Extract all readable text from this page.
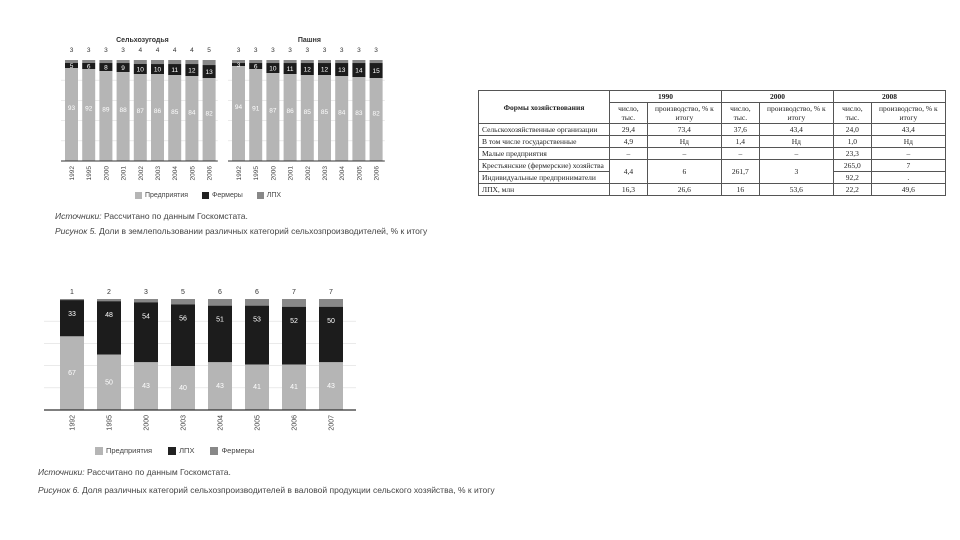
Сельхозугодья
3
5
93
1992
3
6
92
1995
3
8
89
2000
3
9
88
2001
4
10
87
2002
4
10
86
2003
4
11
85
2004
4
12
84
2005
5
13
82
2006
Пашня
3
3
94
1992
3
6
91
1995
3
10
87
2000
3
11
86
2001
3
12
85
2002
3
12
85
2003
3
13
84
2004
3
14
83
2005
3
15
82
2006
Предприятия	Фермеры	ЛПХ
Источники: Рассчитано по данным Госкомстата.
Рисунок 5. Доли в землепользовании различных категорий сельхозпроизводителей, % к итогу
Формы хозяйствования	1990		2000		2008	
	число, тыс.	производство, % к итогу	число, тыс.	производство, % к итогу	число, тыс.	производство, % к итогу
Сельскохозяйственные организации	29,4	73,4	37,6	43,4	24,0	43,4
В том числе государственные	4,9	Нд	1,4	Нд	1,0	Нд
Малые предприятия	–	–	–	–	23,3	–
Крестьянские (фермерские) хозяйства	4,4	6	261,7	3	265,0	7
Индивидуальные предприниматели					92,2	.
ЛПХ, млн	16,3	26,6	16	53,6	22,2	49,6
1
33
67
1992
2
48
50
1995
3
54
43
2000
5
56
40
2003
6
51
43
2004
6
53
41
2005
7
52
41
2006
7
50
43
2007
Предприятия	ЛПХ	Фермеры
Источники: Рассчитано по данным Госкомстата.
Рисунок 6. Доля различных категорий сельхозпроизводителей в валовой продукции сельского хозяйства, % к итогу
